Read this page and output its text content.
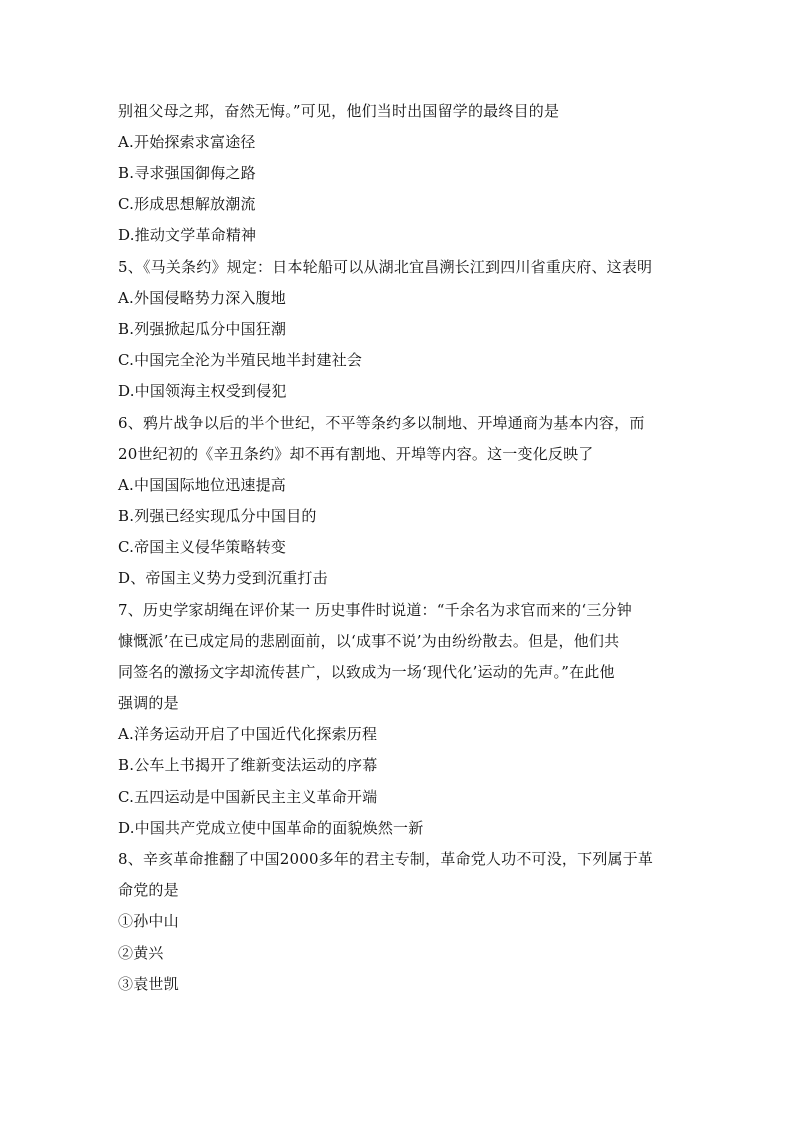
别祖父母之邦，奋然无悔。”可见，他们当时出国留学的最终目的是
A.开始探索求富途径
B.寻求强国御侮之路
C.形成思想解放潮流
D.推动文学革命精神
5、《马关条约》规定：日本轮船可以从湖北宜昌溯长江到四川省重庆府、这表明
A.外国侵略势力深入腹地
B.列强掀起瓜分中国狂潮
C.中国完全沦为半殖民地半封建社会
D.中国领海主权受到侵犯
6、鸦片战争以后的半个世纪，不平等条约多以制地、开埠通商为基本内容，而
20世纪初的《辛丑条约》却不再有割地、开埠等内容。这一变化反映了
A.中国国际地位迅速提高
B.列强已经实现瓜分中国目的
C.帝国主义侵华策略转变
D、帝国主义势力受到沉重打击
7、历史学家胡绳在评价某一 历史事件时说道：“千余名为求官而来的‘三分钟
慷慨派’在已成定局的悲剧面前，以‘成事不说’为由纷纷散去。但是，他们共
同签名的激扬文字却流传甚广，以致成为一场‘现代化’运动的先声。”在此他
强调的是
A.洋务运动开启了中国近代化探索历程
B.公车上书揭开了维新变法运动的序幕
C.五四运动是中国新民主主义革命开端
D.中国共产党成立使中国革命的面貌焕然一新
8、辛亥革命推翻了中国2000多年的君主专制，革命党人功不可没，下列属于革
命党的是
①孙中山
②黄兴
③袁世凯
